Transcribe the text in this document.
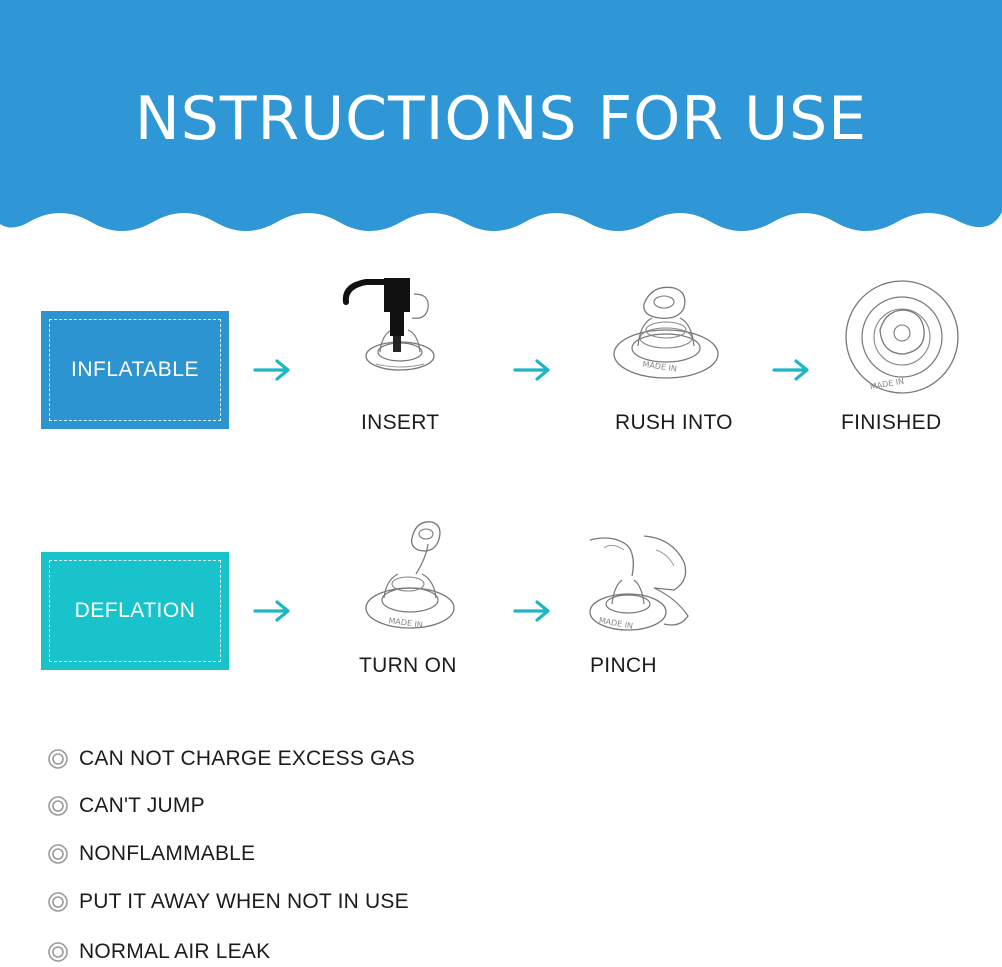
NSTRUCTIONS FOR USE
INFLATABLE
INSERT
MADE IN
RUSH INTO
MADE IN
FINISHED
DEFLATION
MADE IN
TURN ON
MADE IN
PINCH
CAN NOT CHARGE EXCESS GAS
CAN'T JUMP
NONFLAMMABLE
PUT IT AWAY WHEN NOT IN USE
NORMAL AIR LEAK
